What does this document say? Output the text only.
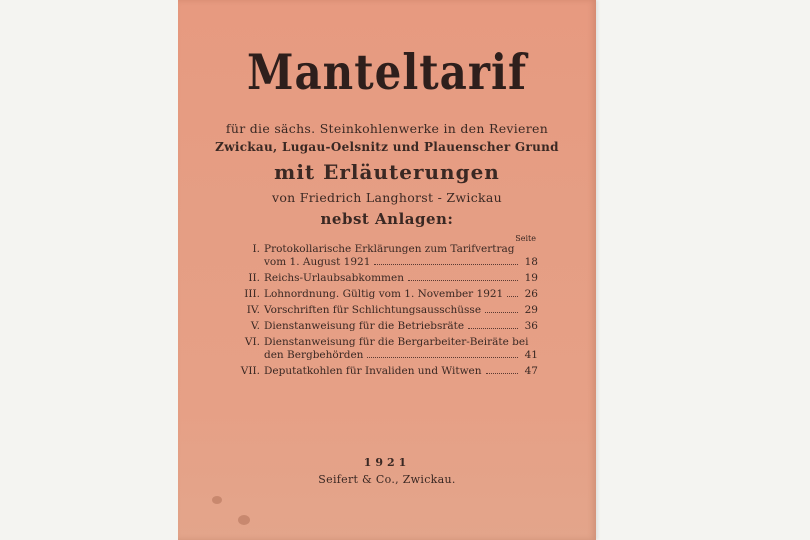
Manteltarif
für die sächs. Steinkohlenwerke in den Revieren
Zwickau, Lugau-Oelsnitz und Plauenscher Grund
mit Erläuterungen
von Friedrich Langhorst - Zwickau
nebst Anlagen:
Seite
I. Protokollarische Erklärungen zum Tarifvertrag
vom 1. August 1921	18
II. Reichs-Urlaubsabkommen	19
III. Lohnordnung. Gültig vom 1. November 1921 26
IV. Vorschriften für Schlichtungsausschüsse	29
V. Dienstanweisung für die Betriebsräte	36
VI. Dienstanweisung für die Bergarbeiter-Beiräte bei
den Bergbehörden	41
VII. Deputatkohlen für Invaliden und Witwen	47
1921
Seifert & Co., Zwickau.
